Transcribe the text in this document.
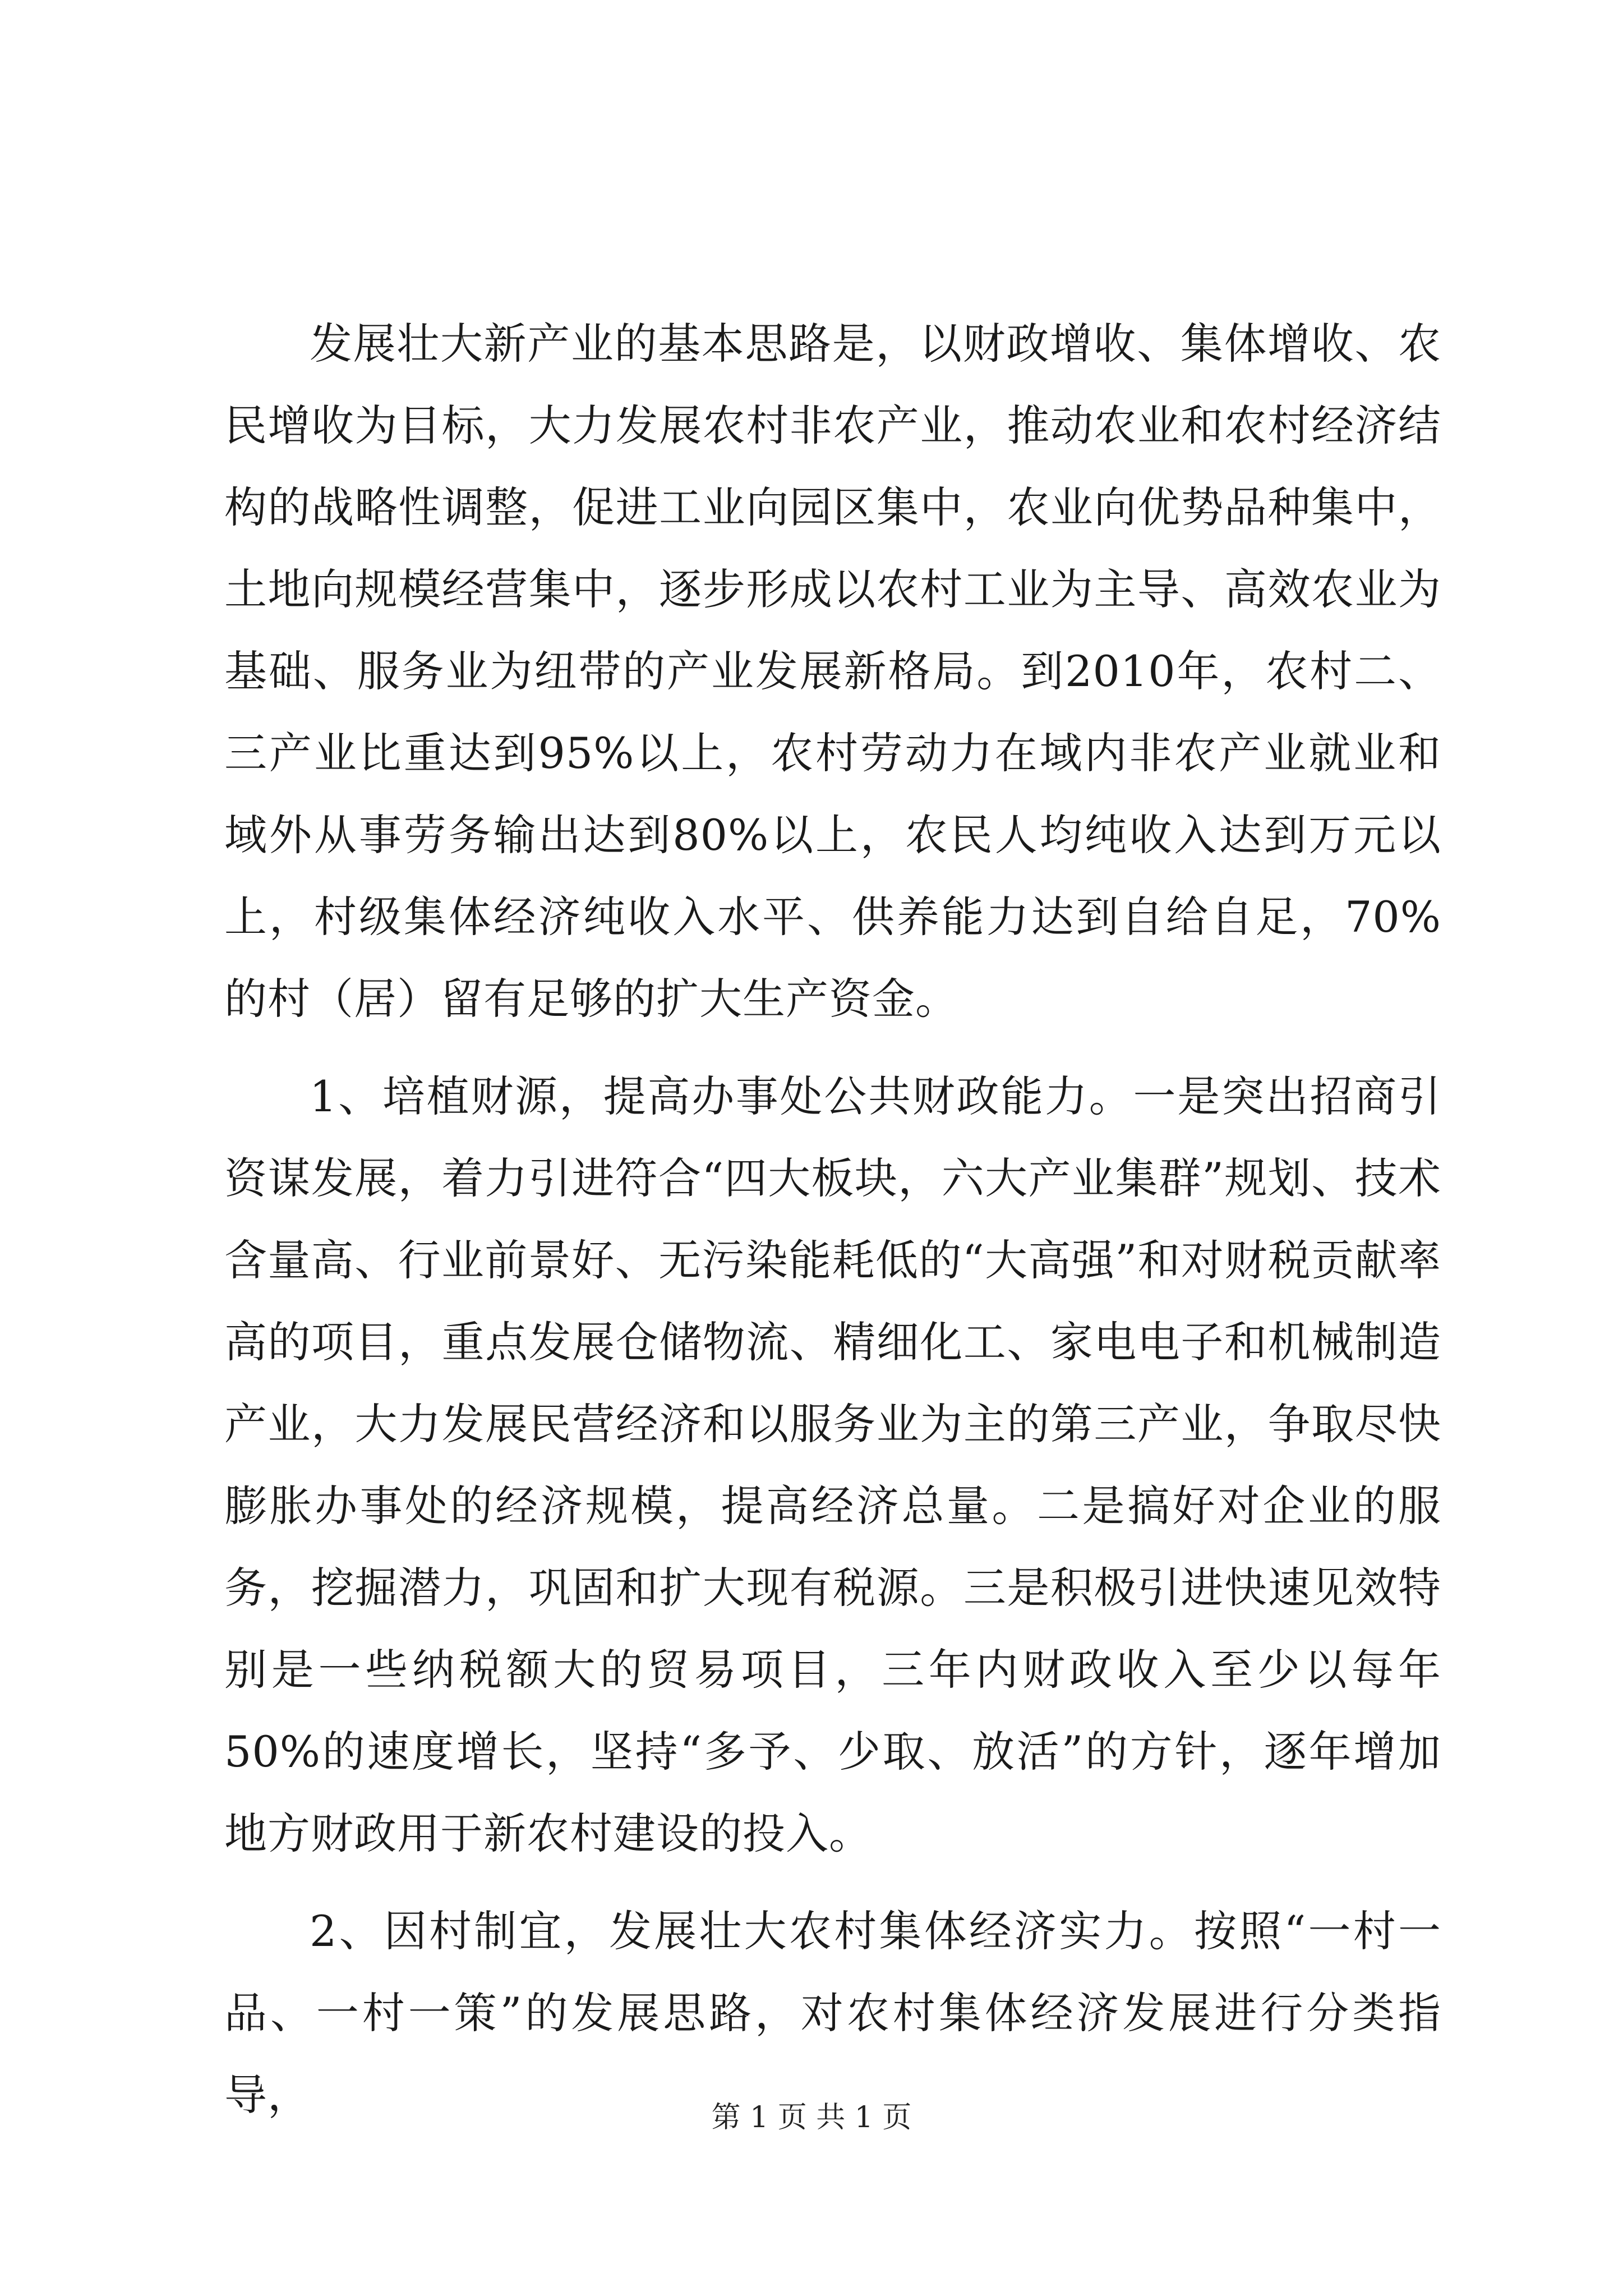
发展壮大新产业的基本思路是，以财政增收、集体增收、农民增收为目标，大力发展农村非农产业，推动农业和农村经济结构的战略性调整，促进工业向园区集中，农业向优势品种集中，土地向规模经营集中，逐步形成以农村工业为主导、高效农业为基础、服务业为纽带的产业发展新格局。到2010年，农村二、三产业比重达到95%以上，农村劳动力在域内非农产业就业和域外从事劳务输出达到80%以上，农民人均纯收入达到万元以上，村级集体经济纯收入水平、供养能力达到自给自足，70%的村（居）留有足够的扩大生产资金。

1、培植财源，提高办事处公共财政能力。一是突出招商引资谋发展，着力引进符合“四大板块，六大产业集群”规划、技术含量高、行业前景好、无污染能耗低的“大高强”和对财税贡献率高的项目，重点发展仓储物流、精细化工、家电电子和机械制造产业，大力发展民营经济和以服务业为主的第三产业，争取尽快膨胀办事处的经济规模，提高经济总量。二是搞好对企业的服务，挖掘潜力，巩固和扩大现有税源。三是积极引进快速见效特别是一些纳税额大的贸易项目，三年内财政收入至少以每年50%的速度增长，坚持“多予、少取、放活”的方针，逐年增加地方财政用于新农村建设的投入。

2、因村制宜，发展壮大农村集体经济实力。按照“一村一品、一村一策”的发展思路，对农村集体经济发展进行分类指导，	第 1 页 共 1 页
